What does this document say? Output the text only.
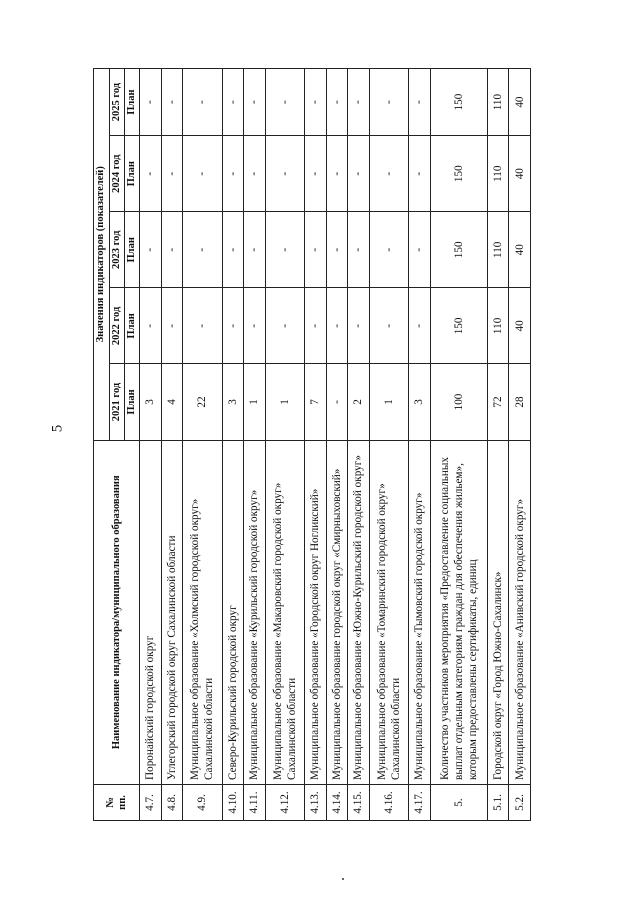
5
№ пп.	Наименование индикатора/муниципального образования	Значения индикаторов (показателей)				
		2021 год	2022 год	2023 год	2024 год	2025 год
		План	План	План	План	План
4.7.	Поронайский городской округ	3	-	-	-	-
4.8.	Углегорский городской округ Сахалинской области	4	-	-	-	-
4.9.	Муниципальное образование «Холмский городской округ» Сахалинской области	22	-	-	-	-
4.10.	Северо-Курильский городской округ	3	-	-	-	-
4.11.	Муниципальное образование «Курильский городской округ»	1	-	-	-	-
4.12.	Муниципальное образование «Макаровский городской округ» Сахалинской области	1	-	-	-	-
4.13.	Муниципальное образование «Городской округ Ногликский»	7	-	-	-	-
4.14.	Муниципальное образование городской округ «Смирныховский»	-	-	-	-	-
4.15.	Муниципальное образование «Южно-Курильский городской округ»	2	-	-	-	-
4.16.	Муниципальное образование «Томаринский городской округ» Сахалинской области	1	-	-	-	-
4.17.	Муниципальное образование «Тымовский городской округ»	3	-	-	-	-
5.	Количество участников мероприятия «Предоставление социальных выплат отдельным категориям граждан для обеспечения жильем», которым предоставлены сертификаты, единиц	100	150	150	150	150
5.1.	Городской округ «Город Южно-Сахалинск»	72	110	110	110	110
5.2.	Муниципальное образование «Анивский городской округ»	28	40	40	40	40
